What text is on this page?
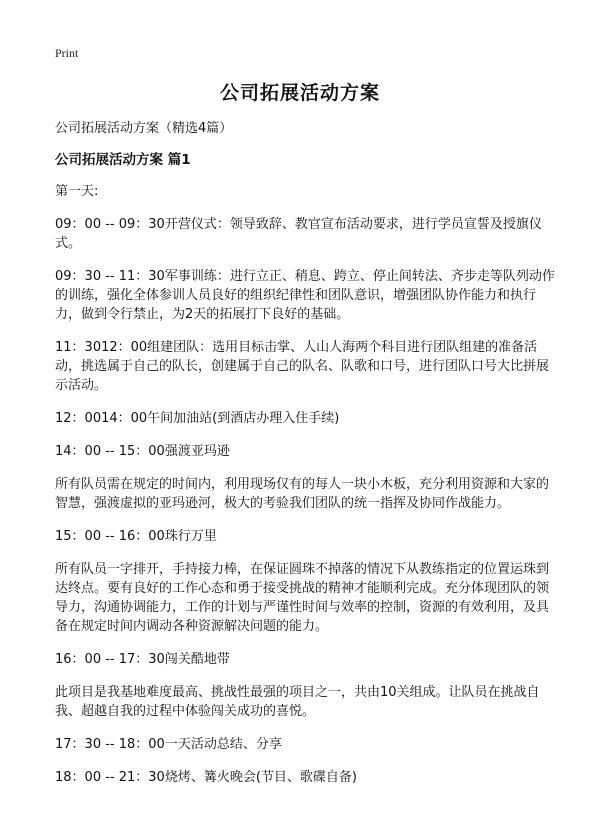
Print
公司拓展活动方案

公司拓展活动方案（精选4篇）

公司拓展活动方案 篇1

第一天:

09：00 -- 09：30开营仪式：领导致辞、教官宣布活动要求，进行学员宣誓及授旗仪式。

09：30 -- 11：30军事训练：进行立正、稍息、跨立、停止间转法、齐步走等队列动作的训练，强化全体参训人员良好的组织纪律性和团队意识，增强团队协作能力和执行力，做到令行禁止，为2天的拓展打下良好的基础。

11：3012：00组建团队：选用目标击掌、人山人海两个科目进行团队组建的准备活动，挑选属于自己的队长，创建属于自己的队名、队歌和口号，进行团队口号大比拼展示活动。

12：0014：00午间加油站(到酒店办理入住手续)

14：00 -- 15：00强渡亚玛逊

所有队员需在规定的时间内，利用现场仅有的每人一块小木板，充分利用资源和大家的智慧，强渡虚拟的亚玛逊河，极大的考验我们团队的统一指挥及协同作战能力。

15：00 -- 16：00珠行万里

所有队员一字排开，手持接力棒，在保证圆珠不掉落的情况下从教练指定的位置运珠到达终点。要有良好的工作心态和勇于接受挑战的精神才能顺利完成。充分体现团队的领导力，沟通协调能力，工作的计划与严谨性时间与效率的控制，资源的有效利用，及具备在规定时间内调动各种资源解决问题的能力。

16：00 -- 17：30闯关酷地带

此项目是我基地难度最高、挑战性最强的项目之一，共由10关组成。让队员在挑战自我、超越自我的过程中体验闯关成功的喜悦。

17：30 -- 18：00一天活动总结、分享

18：00 -- 21：30烧烤、篝火晚会(节目、歌碟自备)
